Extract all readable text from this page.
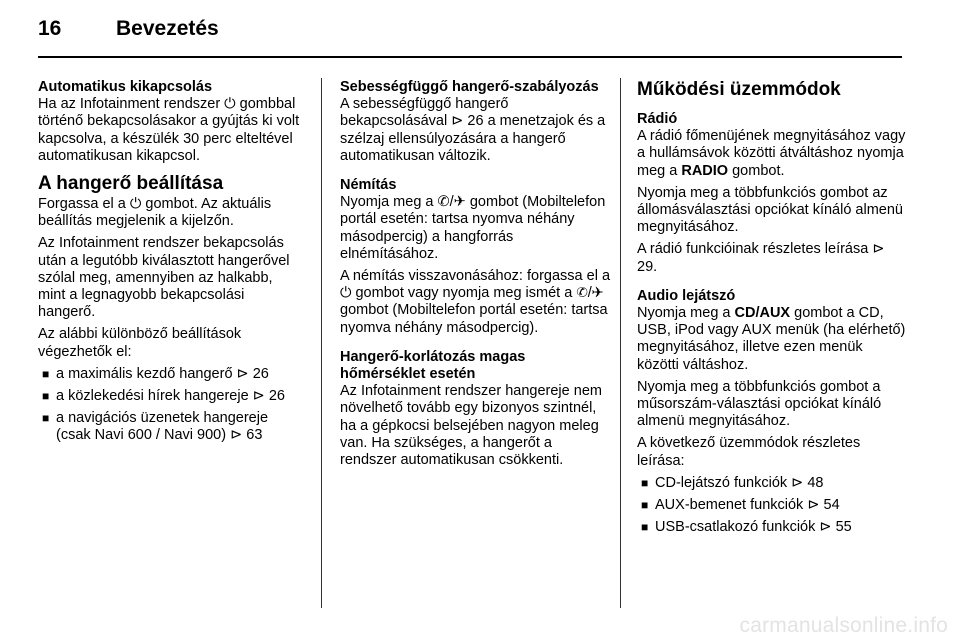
16	Bevezetés
Automatikus kikapcsolás

Ha az Infotainment rendszer ⏻ gombbal történő bekapcsolásakor a gyújtás ki volt kapcsolva, a készülék 30 perc elteltével automatikusan kikapcsol.

A hangerő beállítása

Forgassa el a ⏻ gombot. Az aktuális beállítás megjelenik a kijelzőn.

Az Infotainment rendszer bekapcsolás után a legutóbb kiválasztott hangerővel szólal meg, amennyiben az halkabb, mint a legnagyobb bekapcsolási hangerő.

Az alábbi különböző beállítások végezhetők el:

■ a maximális kezdő hangerő ⊳ 26
■ a közlekedési hírek hangereje ⊳ 26
■ a navigációs üzenetek hangereje (csak Navi 600 / Navi 900) ⊳ 63
Sebességfüggő hangerő-szabályozás

A sebességfüggő hangerő bekapcsolásával ⊳ 26 a menetzajok és a szélzaj ellensúlyozására a hangerő automatikusan változik.

Némítás

Nyomja meg a ✆/✈ gombot (Mobiltelefon portál esetén: tartsa nyomva néhány másodpercig) a hangforrás elnémításához.

A némítás visszavonásához: forgassa el a ⏻ gombot vagy nyomja meg ismét a ✆/✈ gombot (Mobiltelefon portál esetén: tartsa nyomva néhány másodpercig).

Hangerő-korlátozás magas hőmérséklet esetén

Az Infotainment rendszer hangereje nem növelhető tovább egy bizonyos szintnél, ha a gépkocsi belsejében nagyon meleg van. Ha szükséges, a hangerőt a rendszer automatikusan csökkenti.

Működési üzemmódok
Rádió

A rádió főmenüjének megnyitásához vagy a hullámsávok közötti átváltáshoz nyomja meg a RADIO gombot.

Nyomja meg a többfunkciós gombot az állomásválasztási opciókat kínáló almenü megnyitásához.

A rádió funkcióinak részletes leírása ⊳ 29.

Audio lejátszó

Nyomja meg a CD/AUX gombot a CD, USB, iPod vagy AUX menük (ha elérhető) megnyitásához, illetve ezen menük közötti váltáshoz.

Nyomja meg a többfunkciós gombot a műsorszám-választási opciókat kínáló almenü megnyitásához.

A következő üzemmódok részletes leírása:

■ CD-lejátszó funkciók ⊳ 48
■ AUX-bemenet funkciók ⊳ 54
■ USB-csatlakozó funkciók ⊳ 55
carmanualsonline.info
